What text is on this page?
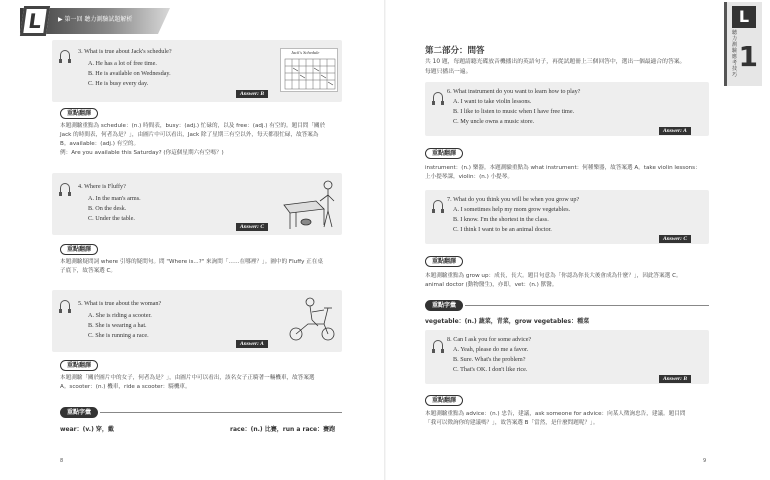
L	▶ 第一回 聽力測驗試題解析
3. What is true about Jack's schedule?
A. He has a lot of free time.
B. He is available on Wednesday.
C. He is busy every day.
Jack's Schedule
Answer: B
重點翻譯
本題測驗重點為 schedule：(n.) 時間表，busy：(adj.) 忙碌的，以及 free：(adj.) 有空的。題目問「關於
Jack 的時間表，何者為是？」，由圖片中可以看出，Jack 除了星期三有空以外，每天都很忙碌，故答案為
B。available：(adj.) 有空的。
例：Are you available this Saturday? (你這個星期六有空嗎？)
4. Where is Fluffy?
A. In the man's arms.
B. On the desk.
C. Under the table.
Answer: C
重點翻譯
本題測驗疑問詞 where 引導的疑問句。問 "Where is...?" 來詢問「……在哪裡？」。圖中的 Fluffy 正在桌
子底下，故答案選 C。
5. What is true about the woman?
A. She is riding a scooter.
B. She is wearing a hat.
C. She is running a race.
Answer: A
重點翻譯
本題測驗「關於圖片中的女子，何者為是？」，由圖片中可以看出，該名女子正騎著一輛機車，故答案選
A。scooter：(n.) 機車，ride a scooter：騎機車。
重點字彙
wear：(v.) 穿，戴	race：(n.) 比賽，run a race：賽跑
8
L
聽力測驗應考技巧
1
第二部分：問答
共 10 題，每題請聽光碟放音機播出的英語句子，再從試題冊上三個回答中，選出一個最適合的答案。
每題只播出一遍。
6. What instrument do you want to learn how to play?
A. I want to take violin lessons.
B. I like to listen to music when I have free time.
C. My uncle owns a music store.
Answer: A
重點翻譯
instrument：(n.) 樂器。本題測驗重點為 what instrument：何種樂器，故答案選 A。take violin lessons：
上小提琴課，violin：(n.) 小提琴。
7. What do you think you will be when you grow up?
A. I sometimes help my mom grow vegetables.
B. I know. I'm the shortest in the class.
C. I think I want to be an animal doctor.
Answer: C
重點翻譯
本題測驗重點為 grow up：成長，長大。題目句意為「你認為你長大後會成為什麼？」，因此答案選 C。
animal doctor (動物醫生)，亦即，vet：(n.) 獸醫。
重點字彙
vegetable：(n.) 蔬菜，青菜，grow vegetables：種菜
8. Can I ask you for some advice?
A. Yeah, please do me a favor.
B. Sure. What's the problem?
C. That's OK. I don't like rice.
Answer: B
重點翻譯
本題測驗重點為 advice：(n.) 忠告，建議，ask someone for advice：向某人徵詢忠告，建議。題目問
「我可以徵詢你的建議嗎？」，故答案選 B「當然，是什麼問題呢？」。
9
